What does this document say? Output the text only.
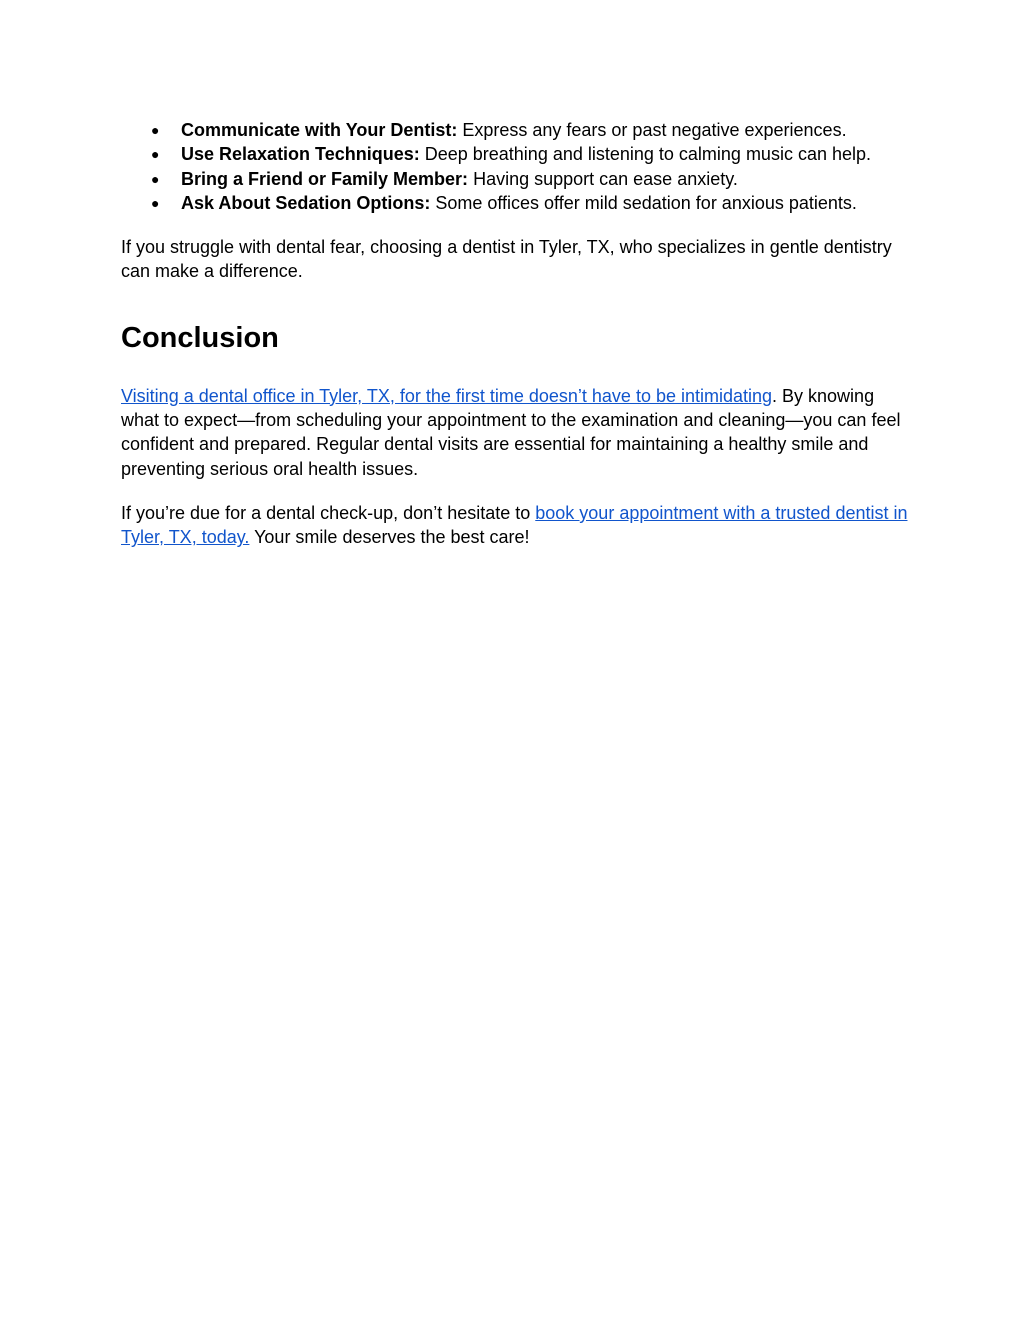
● Communicate with Your Dentist: Express any fears or past negative experiences.
● Use Relaxation Techniques: Deep breathing and listening to calming music can help.
● Bring a Friend or Family Member: Having support can ease anxiety.
● Ask About Sedation Options: Some offices offer mild sedation for anxious patients.

If you struggle with dental fear, choosing a dentist in Tyler, TX, who specializes in gentle dentistry can make a difference.

Conclusion

Visiting a dental office in Tyler, TX, for the first time doesn’t have to be intimidating. By knowing what to expect—from scheduling your appointment to the examination and cleaning—you can feel confident and prepared. Regular dental visits are essential for maintaining a healthy smile and preventing serious oral health issues.

If you’re due for a dental check-up, don’t hesitate to book your appointment with a trusted dentist in Tyler, TX, today. Your smile deserves the best care!
